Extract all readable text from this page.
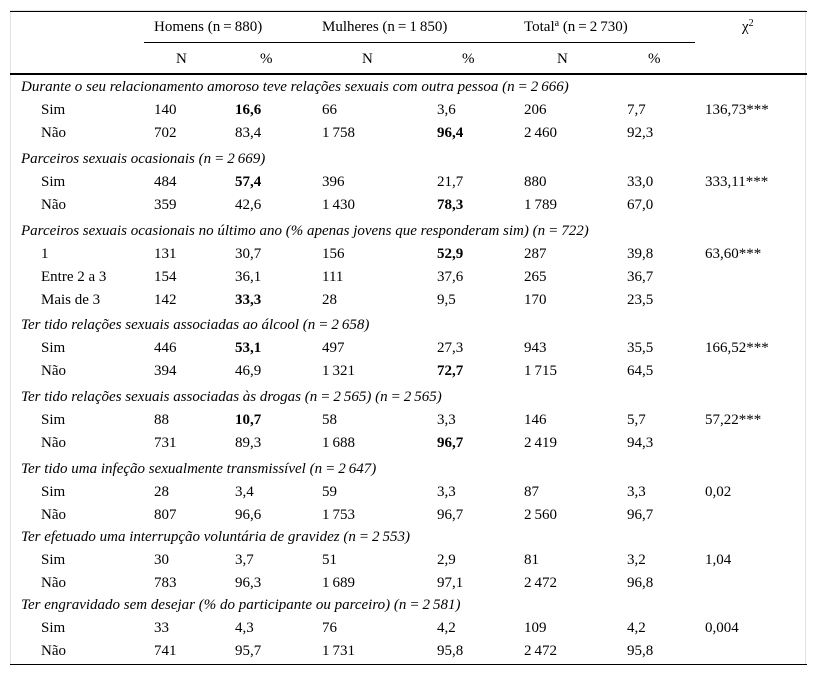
Homens (n = 880)	Mulheres (n = 1 850)	Total$^a$ (n = 2 730)	$\chi^2$
N	%	N	%	N	%
Durante o seu relacionamento amoroso teve relações sexuais com outra pessoa (n = 2 666)
Sim	140	16,6	66	3,6	206	7,7	136,73***
Não	702	83,4	1 758	96,4	2 460	92,3
Parceiros sexuais ocasionais (n = 2 669)
Sim	484	57,4	396	21,7	880	33,0	333,11***
Não	359	42,6	1 430	78,3	1 789	67,0
Parceiros sexuais ocasionais no último ano (% apenas jovens que responderam sim) (n = 722)
1	131	30,7	156	52,9	287	39,8	63,60***
Entre 2 a 3	154	36,1	111	37,6	265	36,7
Mais de 3	142	33,3	28	9,5	170	23,5
Ter tido relações sexuais associadas ao álcool (n = 2 658)
Sim	446	53,1	497	27,3	943	35,5	166,52***
Não	394	46,9	1 321	72,7	1 715	64,5
Ter tido relações sexuais associadas às drogas (n = 2 565) (n = 2 565)
Sim	88	10,7	58	3,3	146	5,7	57,22***
Não	731	89,3	1 688	96,7	2 419	94,3
Ter tido uma infeção sexualmente transmissível (n = 2 647)
Sim	28	3,4	59	3,3	87	3,3	0,02
Não	807	96,6	1 753	96,7	2 560	96,7
Ter efetuado uma interrupção voluntária de gravidez (n = 2 553)
Sim	30	3,7	51	2,9	81	3,2	1,04
Não	783	96,3	1 689	97,1	2 472	96,8
Ter engravidado sem desejar (% do participante ou parceiro) (n = 2 581)
Sim	33	4,3	76	4,2	109	4,2	0,004
Não	741	95,7	1 731	95,8	2 472	95,8
